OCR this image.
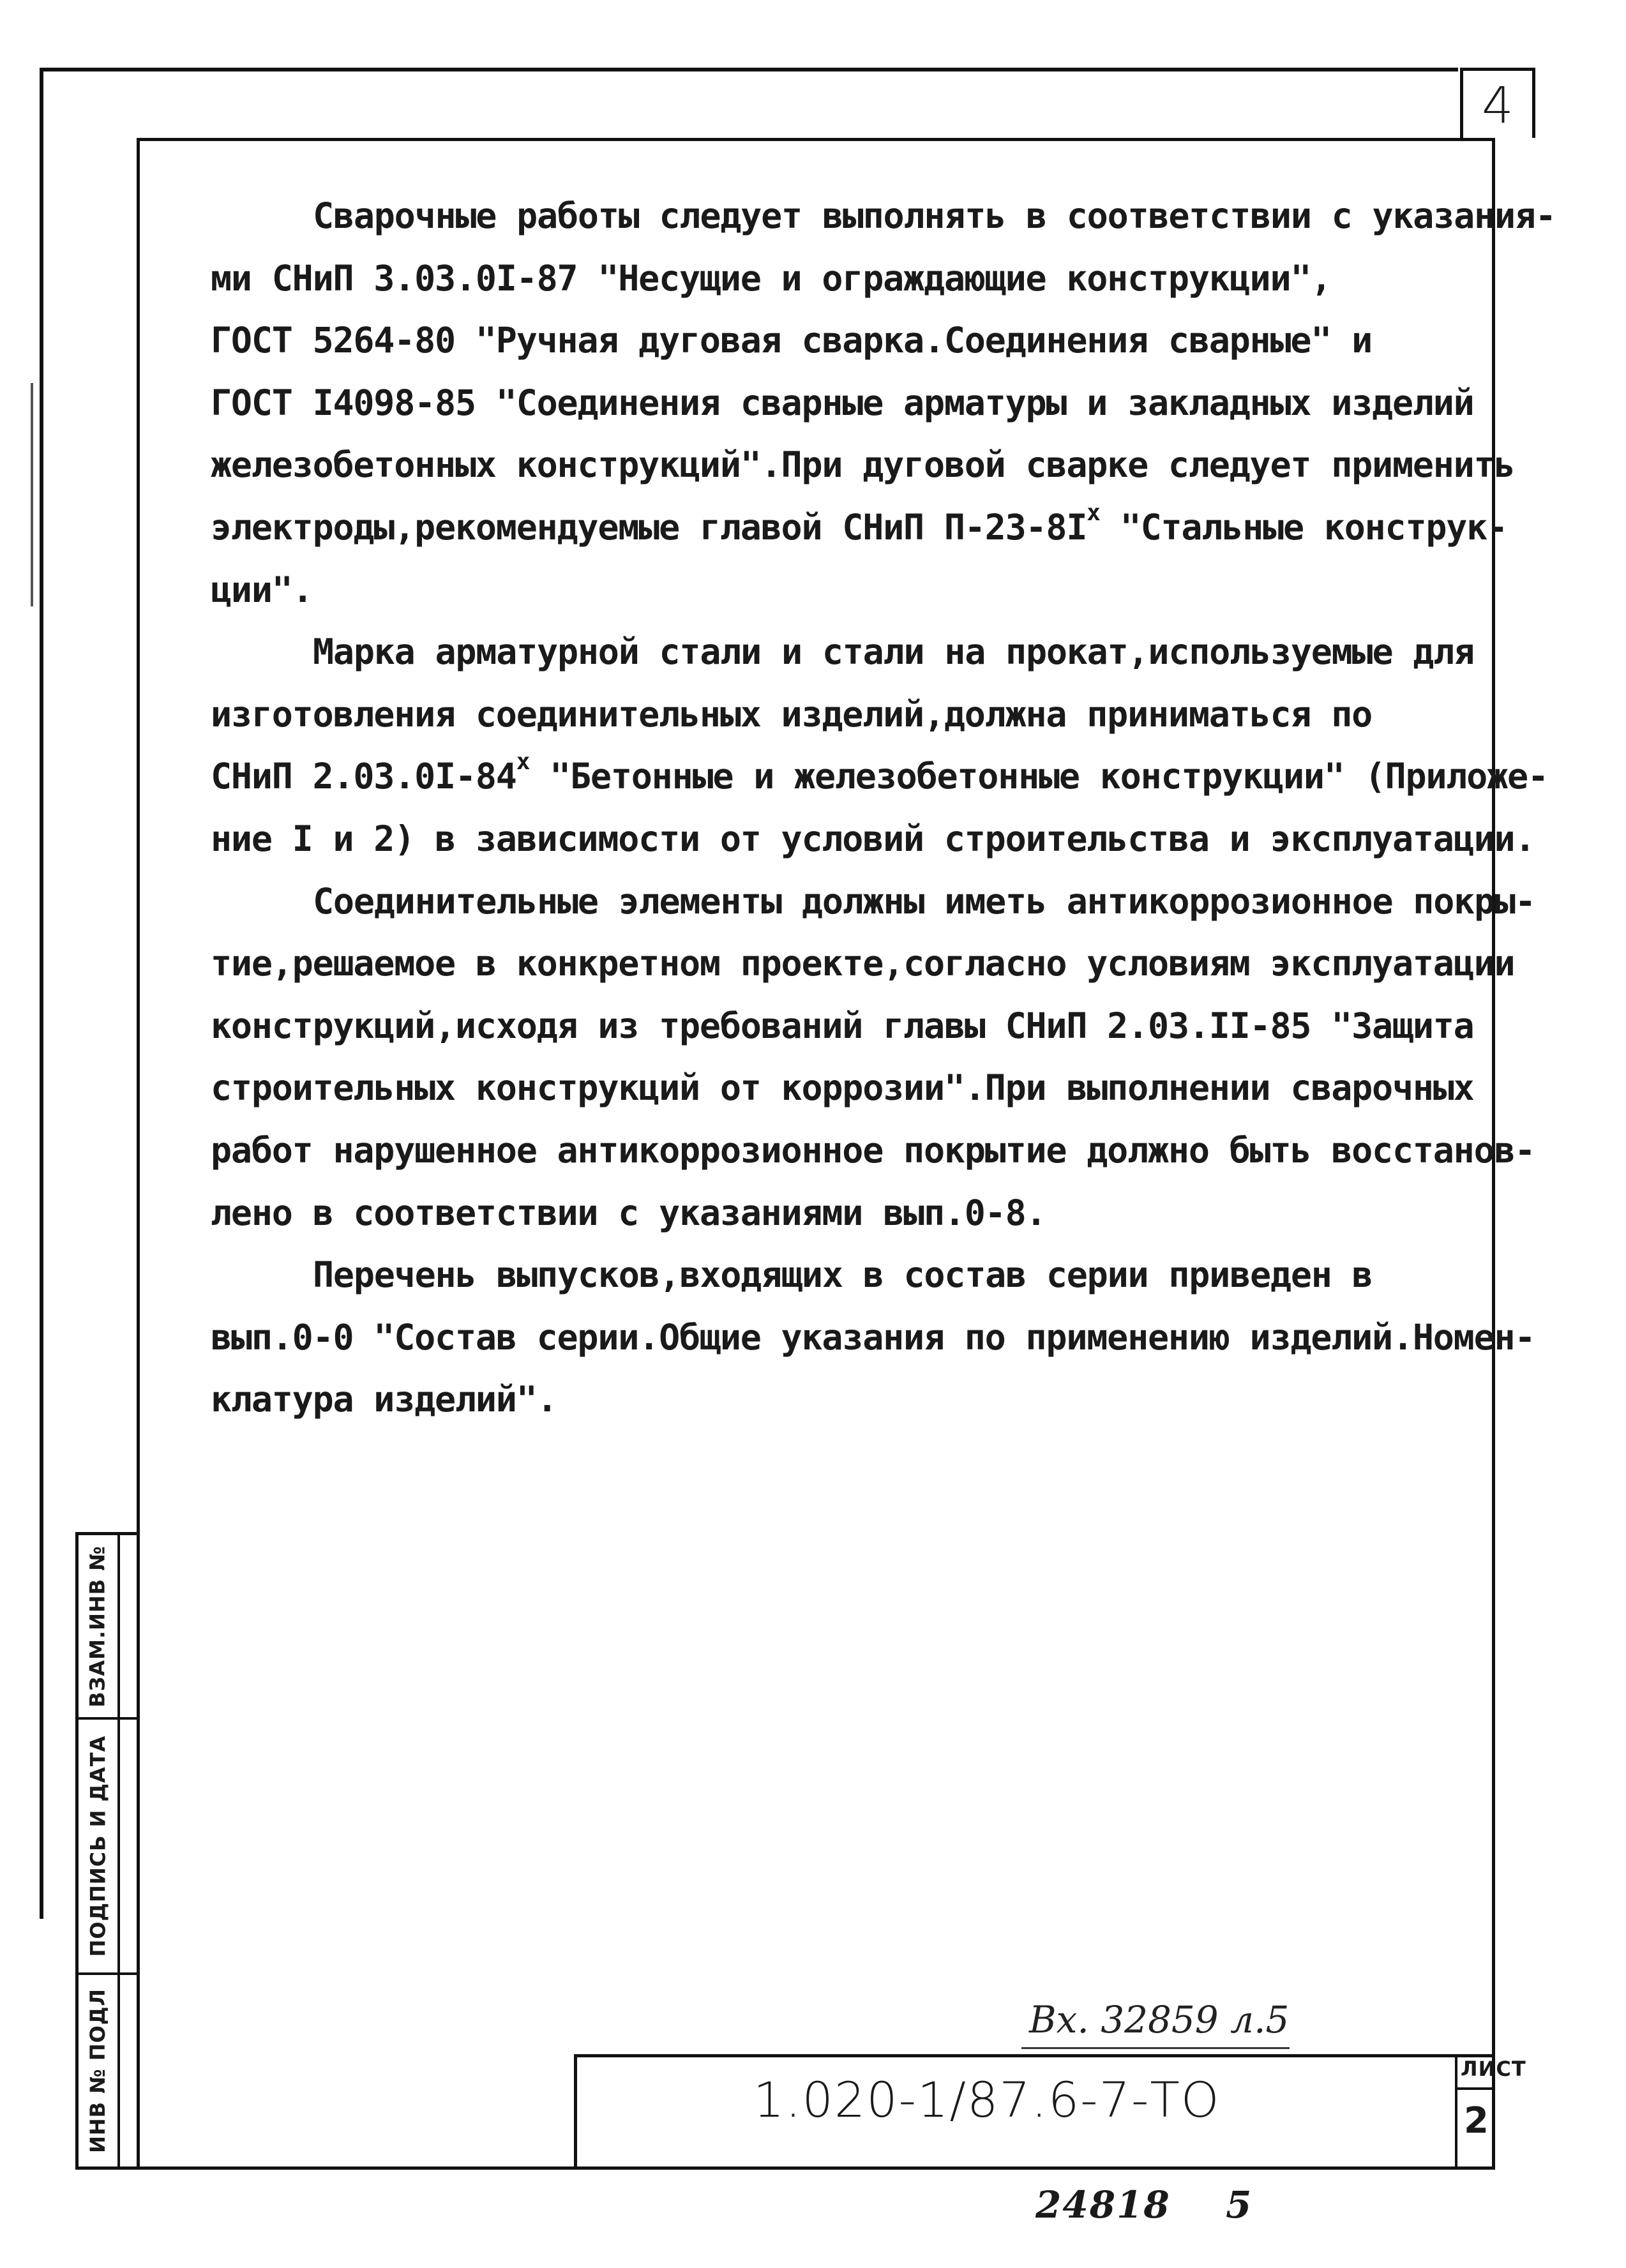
4
Сварочные работы следует выполнять в соответствии с указания-
ми СНиП 3.03.0I-87 "Несущие и ограждающие конструкции",
ГОСТ 5264-80 "Ручная дуговая сварка.Соединения сварные" и
ГОСТ I4098-85 "Соединения сварные арматуры и закладных изделий
железобетонных конструкций".При дуговой сварке следует применить
электроды,рекомендуемые главой СНиП $П-23-8I^x$ "Стальные конструк-
ции".
Марка арматурной стали и стали на прокат,используемые для
изготовления соединительных изделий,должна приниматься по
СНиП 2.03.0I-84$^x$ "Бетонные и железобетонные конструкции" (Приложе-
ние I и 2) в зависимости от условий строительства и эксплуатации.
Соединительные элементы должны иметь антикоррозионное покры-
тие,решаемое в конкретном проекте,согласно условиям эксплуатации
конструкций,исходя из требований главы СНиП 2.03.II-85 "Защита
строительных конструкций от коррозии".При выполнении сварочных
работ нарушенное антикоррозионное покрытие должно быть восстанов-
лено в соответствии с указаниями вып.0-8.
Перечень выпусков,входящих в состав серии приведен в
вып.0-0 "Состав серии.Общие указания по применению изделий.Номен-
клатура изделий".
ВЗАМ.ИНВ №
ПОДПИСЬ И ДАТА
ИНВ № ПОДЛ	Вх. 32859 л.5
1.020-1/87.6-7-ТО
ЛИСТ
2
24818 5
